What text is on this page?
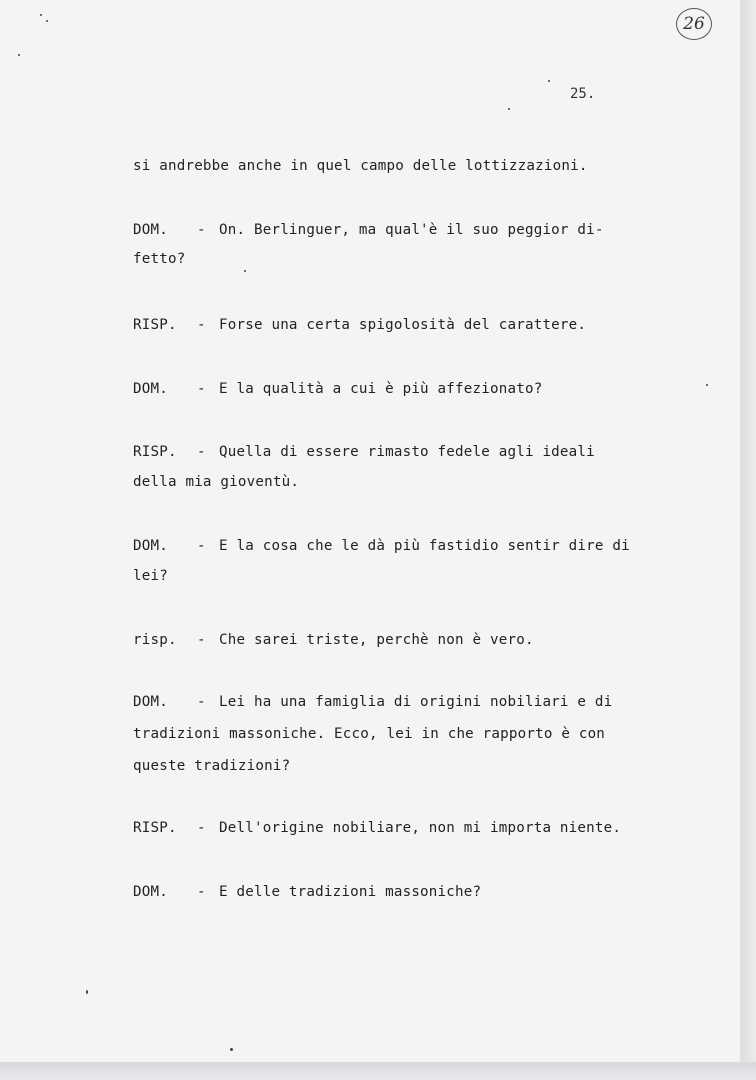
26
25.
si andrebbe anche in quel campo delle lottizzazioni.
DOM. - On. Berlinguer, ma qual'è il suo peggior di-
fetto?
RISP. - Forse una certa spigolosità del carattere.
DOM. - E la qualità a cui è più affezionato?
RISP. - Quella di essere rimasto fedele agli ideali
della mia gioventù.
DOM. - E la cosa che le dà più fastidio sentir dire di
lei?
risp. - Che sarei triste, perchè non è vero.
DOM. - Lei ha una famiglia di origini nobiliari e di
tradizioni massoniche. Ecco, lei in che rapporto è con
queste tradizioni?
RISP. - Dell'origine nobiliare, non mi importa niente.
DOM. - E delle tradizioni massoniche?
